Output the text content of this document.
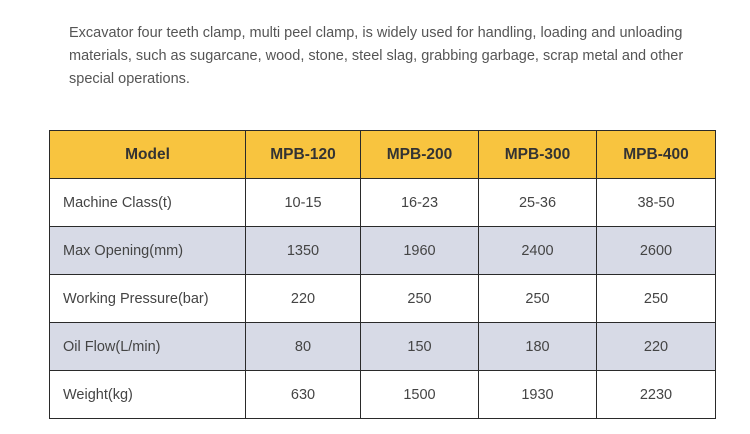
Excavator four teeth clamp, multi peel clamp, is widely used for handling, loading and unloading materials, such as sugarcane, wood, stone, steel slag, grabbing garbage, scrap metal and other special operations.

Model	MPB-120	MPB-200	MPB-300	MPB-400
Machine Class(t)	10-15	16-23	25-36	38-50
Max Opening(mm)	1350	1960	2400	2600
Working Pressure(bar)	220	250	250	250
Oil Flow(L/min)	80	150	180	220
Weight(kg)	630	1500	1930	2230
